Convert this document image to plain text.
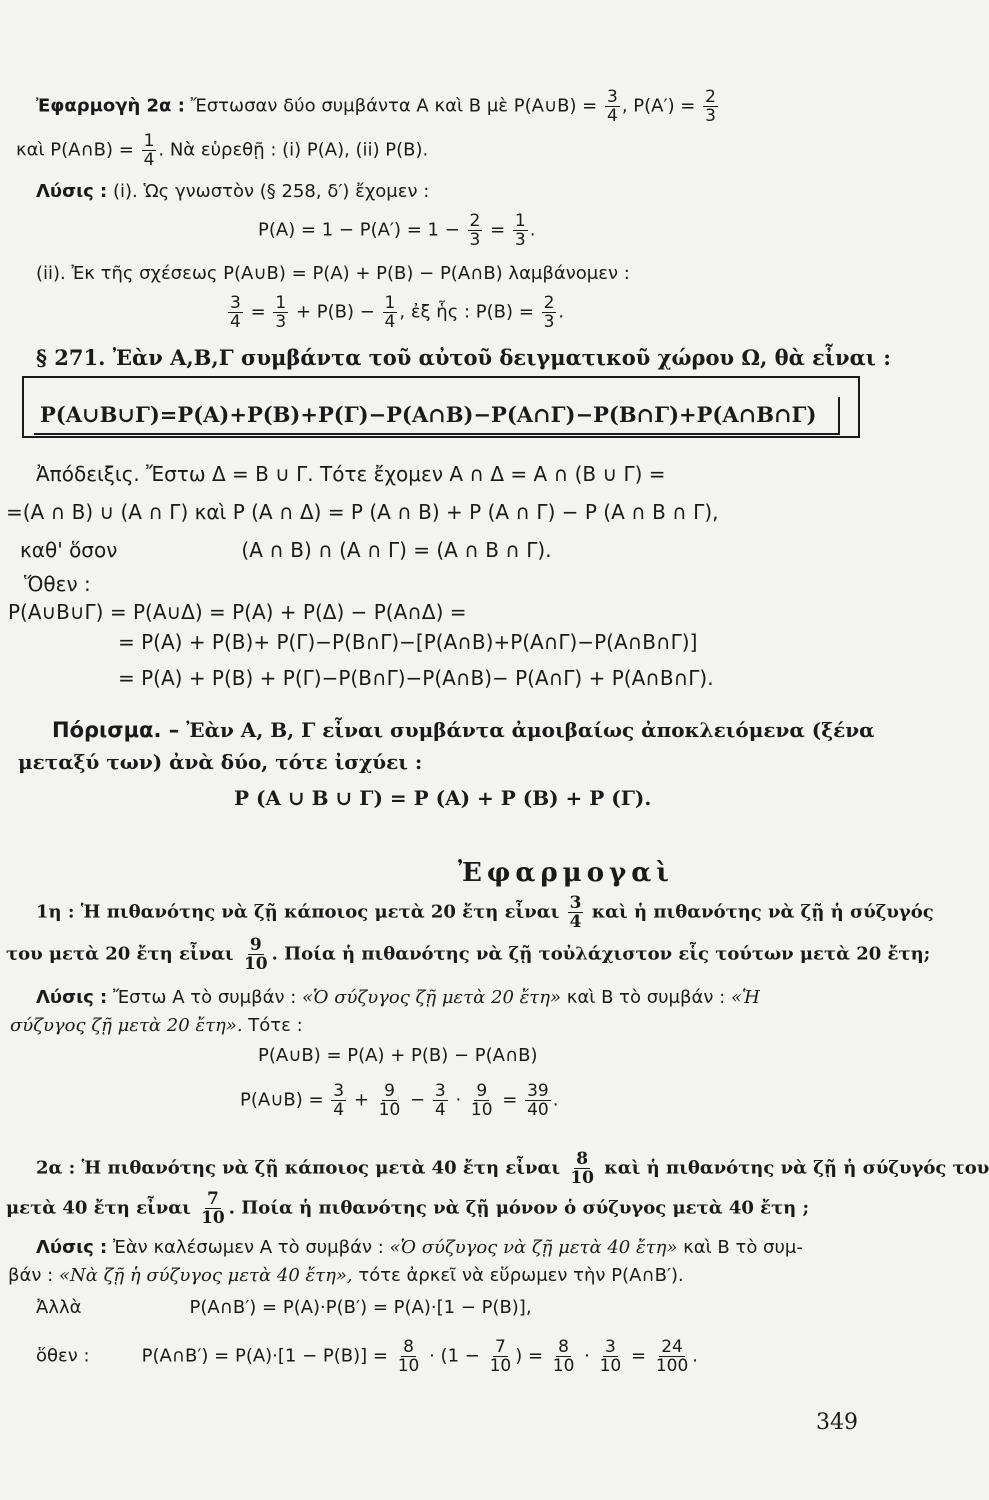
Ἐφαρμογὴ 2α : Ἔστωσαν δύο συμβάντα Α καὶ Β μὲ P(A∪B) = $\frac{3}{4}$ , $P(A') = \frac{2}{3}$
καὶ P(A∩B) = $\frac{1}{4}$ . Νὰ εὑρεθῇ : (i) P(A), (ii) P(B).
Λύσις : (i). Ὡς γνωστὸν (§ 258, δ′) ἔχομεν :
$P(A) = 1 - P(A') = 1 - \frac{2}{3} = \frac{1}{3}$ .
(ii). Ἐκ τῆς σχέσεως P(A∪B) = P(A) + P(B) − P(A∩B) λαμβάνομεν :
$\frac{3}{4} = \frac{1}{3} + P(B) - \frac{1}{4}$ , ἐξ ἧς : $P(B) = \frac{2}{3}$ .
§ 271. Ἐὰν Α,Β,Γ συμβάντα τοῦ αὐτοῦ δειγματικοῦ χώρου Ω, θὰ εἶναι :
P(A∪B∪Γ)=P(A)+P(B)+P(Γ)−P(A∩B)−P(A∩Γ)−P(B∩Γ)+P(A∩B∩Γ)
Ἀπόδειξις. Ἔστω Δ = Β ∪ Γ. Τότε ἔχομεν Α ∩ Δ = Α ∩ (Β ∪ Γ) =
=(Α ∩ Β) ∪ (Α ∩ Γ) καὶ P (A ∩ Δ) = P (A ∩ B) + P (A ∩ Γ) − P (A ∩ B ∩ Γ),
καθ' ὅσον	(Α ∩ Β) ∩ (Α ∩ Γ) = (Α ∩ Β ∩ Γ).
Ὅθεν :
P(A∪B∪Γ) = P(A∪Δ) = P(A) + P(Δ) − P(A∩Δ) =
= P(A) + P(B)+ P(Γ)−P(B∩Γ)−[P(A∩B)+P(A∩Γ)−P(A∩B∩Γ)]
= P(A) + P(B) + P(Γ)−P(B∩Γ)−P(A∩B)− P(A∩Γ) + P(A∩B∩Γ).
Πόρισμα. – Ἐὰν Α, Β, Γ εἶναι συμβάντα ἀμοιβαίως ἀποκλειόμενα (ξένα
μεταξύ των) ἀνὰ δύο, τότε ἰσχύει :
P (A ∪ B ∪ Γ) = P (A) + P (B) + P (Γ).
Ἐφαρμογαὶ
1η : Ἡ πιθανότης νὰ ζῇ κάποιος μετὰ 20 ἔτη εἶναι $\frac{3}{4}$ καὶ ἡ πιθανότης νὰ ζῇ ἡ σύζυγός
του μετὰ 20 ἔτη εἶναι $\frac{9}{10}$ . Ποία ἡ πιθανότης νὰ ζῇ τοὐλάχιστον εἷς τούτων μετὰ 20 ἔτη;
Λύσις : Ἔστω Α τὸ συμβάν : «Ὁ σύζυγος ζῇ μετὰ 20 ἔτη» καὶ Β τὸ συμβάν : «Ἡ
σύζυγος ζῇ μετὰ 20 ἔτη». Τότε :
P(A∪B) = P(A) + P(B) − P(A∩B)
P(A∪B) = $\frac{3}{4} + \frac{9}{10} - \frac{3}{4} \cdot \frac{9}{10} = \frac{39}{40}$ .
2α : Ἡ πιθανότης νὰ ζῇ κάποιος μετὰ 40 ἔτη εἶναι $\frac{8}{10}$ καὶ ἡ πιθανότης νὰ ζῇ ἡ σύζυγός του
μετὰ 40 ἔτη εἶναι $\frac{7}{10}$ . Ποία ἡ πιθανότης νὰ ζῇ μόνον ὁ σύζυγος μετὰ 40 ἔτη ;
Λύσις : Ἐὰν καλέσωμεν Α τὸ συμβάν : «Ὁ σύζυγος νὰ ζῇ μετὰ 40 ἔτη» καὶ Β τὸ συμ-
βάν : «Νὰ ζῇ ἡ σύζυγος μετὰ 40 ἔτη», τότε ἀρκεῖ νὰ εὕρωμεν τὴν P(A∩B′).
Ἀλλὰ	P(A∩B′) = P(A)·P(B′) = P(A)·[1 − P(B)],
ὅθεν :	P(A∩B′) = $P(A)\cdot[1 - P(B)] = \frac{8}{10} \cdot (1 - \frac{7}{10}$ ) = $\frac{8}{10} \cdot \frac{3}{10} = \frac{24}{100}$ .
349
